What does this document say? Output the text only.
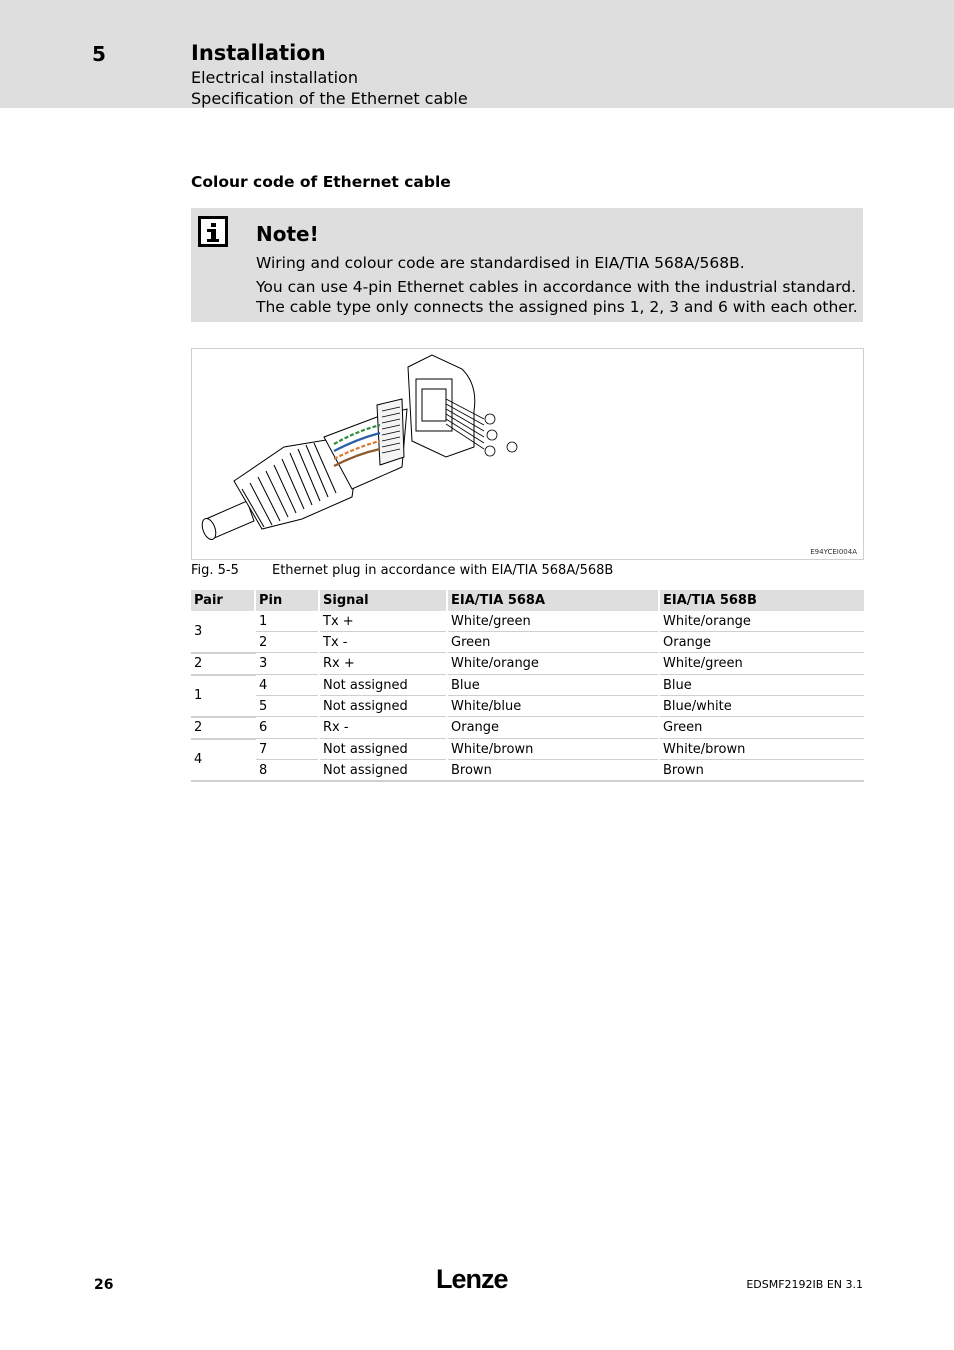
5	Installation
Electrical installation
Specification of the Ethernet cable
Colour code of Ethernet cable
Note!
Wiring and colour code are standardised in EIA/TIA 568A/568B.
You can use 4-pin Ethernet cables in accordance with the industrial standard.
The cable type only connects the assigned pins 1, 2, 3 and 6 with each other.
E94YCEI004A
Fig. 5-5	Ethernet plug in accordance with EIA/TIA 568A/568B
Pair	Pin	Signal	EIA/TIA 568A	EIA/TIA 568B
3	1	Tx +	White/green	White/orange
	2	Tx -	Green	Orange
2	3	Rx +	White/orange	White/green
1	4	Not assigned	Blue	Blue
	5	Not assigned	White/blue	Blue/white
2	6	Rx -	Orange	Green
4	7	Not assigned	White/brown	White/brown
	8	Not assigned	Brown	Brown
26	Lenze	EDSMF2192IB EN 3.1
